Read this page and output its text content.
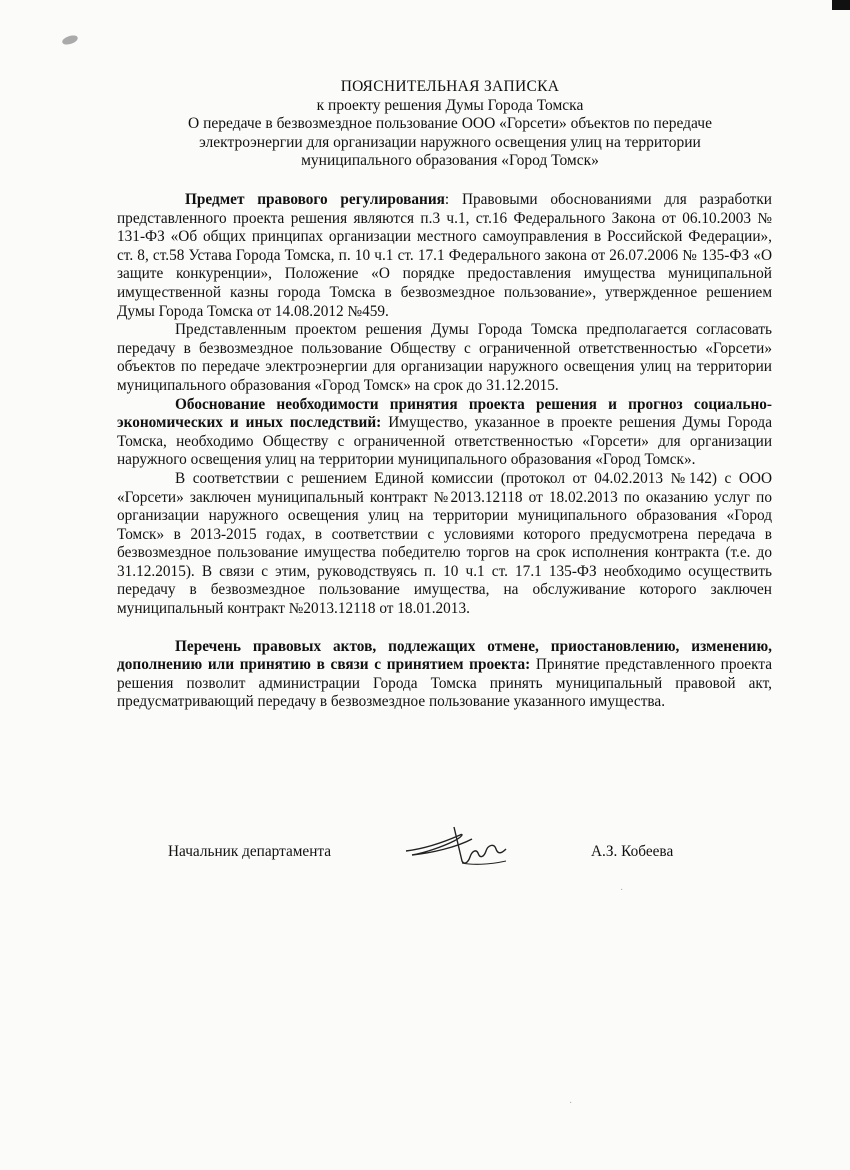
ПОЯСНИТЕЛЬНАЯ ЗАПИСКА
к проекту решения Думы Города Томска
О передаче в безвозмездное пользование ООО «Горсети» объектов по передаче
электроэнергии для организации наружного освещения улиц на территории
муниципального образования «Город Томск»

Предмет правового регулирования: Правовыми обоснованиями для разработки представленного проекта решения являются п.3 ч.1, ст.16 Федерального Закона от 06.10.2003 № 131-ФЗ «Об общих принципах организации местного самоуправления в Российской Федерации», ст. 8, ст.58 Устава Города Томска, п. 10 ч.1 ст. 17.1 Федерального закона от 26.07.2006 № 135-ФЗ «О защите конкуренции», Положение «О порядке предоставления имущества муниципальной имущественной казны города Томска в безвозмездное пользование», утвержденное решением Думы Города Томска от 14.08.2012 №459.

Представленным проектом решения Думы Города Томска предполагается согласовать передачу в безвозмездное пользование Обществу с ограниченной ответственностью «Горсети» объектов по передаче электроэнергии для организации наружного освещения улиц на территории муниципального образования «Город Томск» на срок до 31.12.2015.

Обоснование необходимости принятия проекта решения и прогноз социально-экономических и иных последствий: Имущество, указанное в проекте решения Думы Города Томска, необходимо Обществу с ограниченной ответственностью «Горсети» для организации наружного освещения улиц на территории муниципального образования «Город Томск».

В соответствии с решением Единой комиссии (протокол от 04.02.2013 №142) с ООО «Горсети» заключен муниципальный контракт №2013.12118 от 18.02.2013 по оказанию услуг по организации наружного освещения улиц на территории муниципального образования «Город Томск» в 2013-2015 годах, в соответствии с условиями которого предусмотрена передача в безвозмездное пользование имущества победителю торгов на срок исполнения контракта (т.е. до 31.12.2015). В связи с этим, руководствуясь п. 10 ч.1 ст. 17.1 135-ФЗ необходимо осуществить передачу в безвозмездное пользование имущества, на обслуживание которого заключен муниципальный контракт №2013.12118 от 18.01.2013.

Перечень правовых актов, подлежащих отмене, приостановлению, изменению, дополнению или принятию в связи с принятием проекта: Принятие представленного проекта решения позволит администрации Города Томска принять муниципальный правовой акт, предусматривающий передачу в безвозмездное пользование указанного имущества.

Начальник департамента	А.З. Кобеева
·
·
